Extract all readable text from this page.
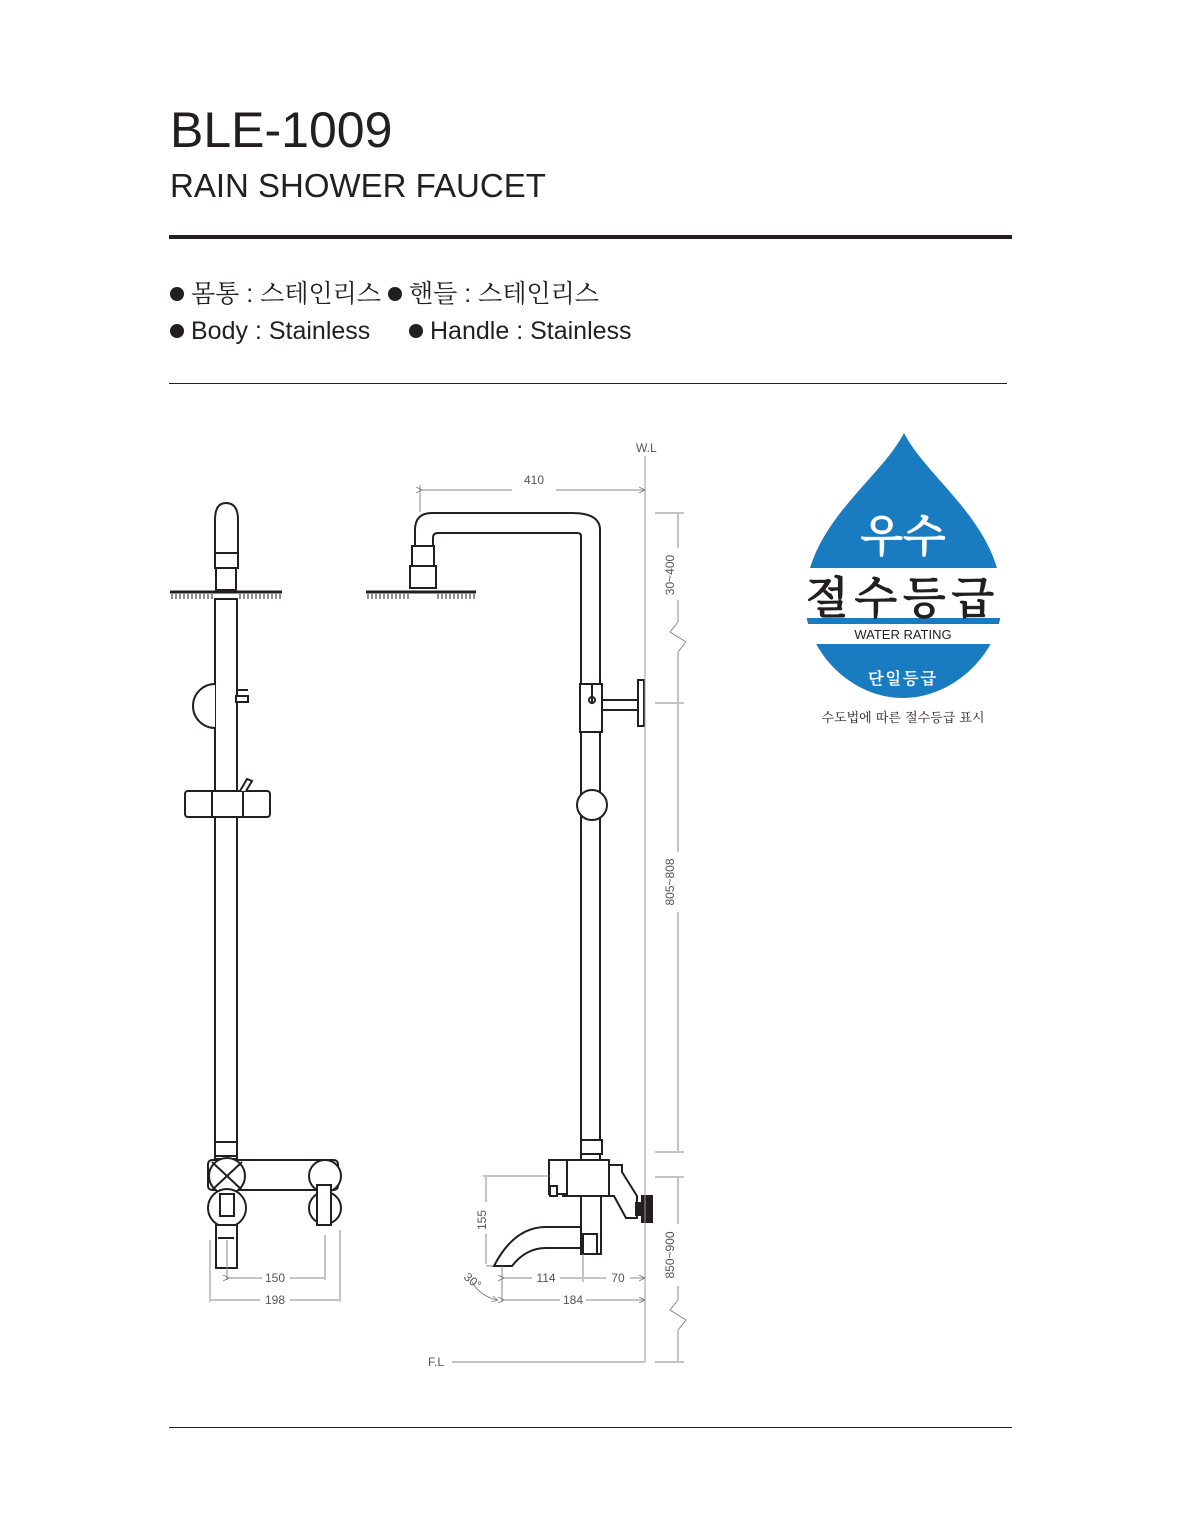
BLE-1009
RAIN SHOWER FAUCET
몸통 : 스테인리스	핸들 : 스테인리스
Body : Stainless	Handle : Stainless
150
198
W.L
410
30~400
805~808
850~900
155
30°	114	70
184
F.L
우수
절수등급
WATER RATING
단일등급
수도법에 따른 절수등급 표시
